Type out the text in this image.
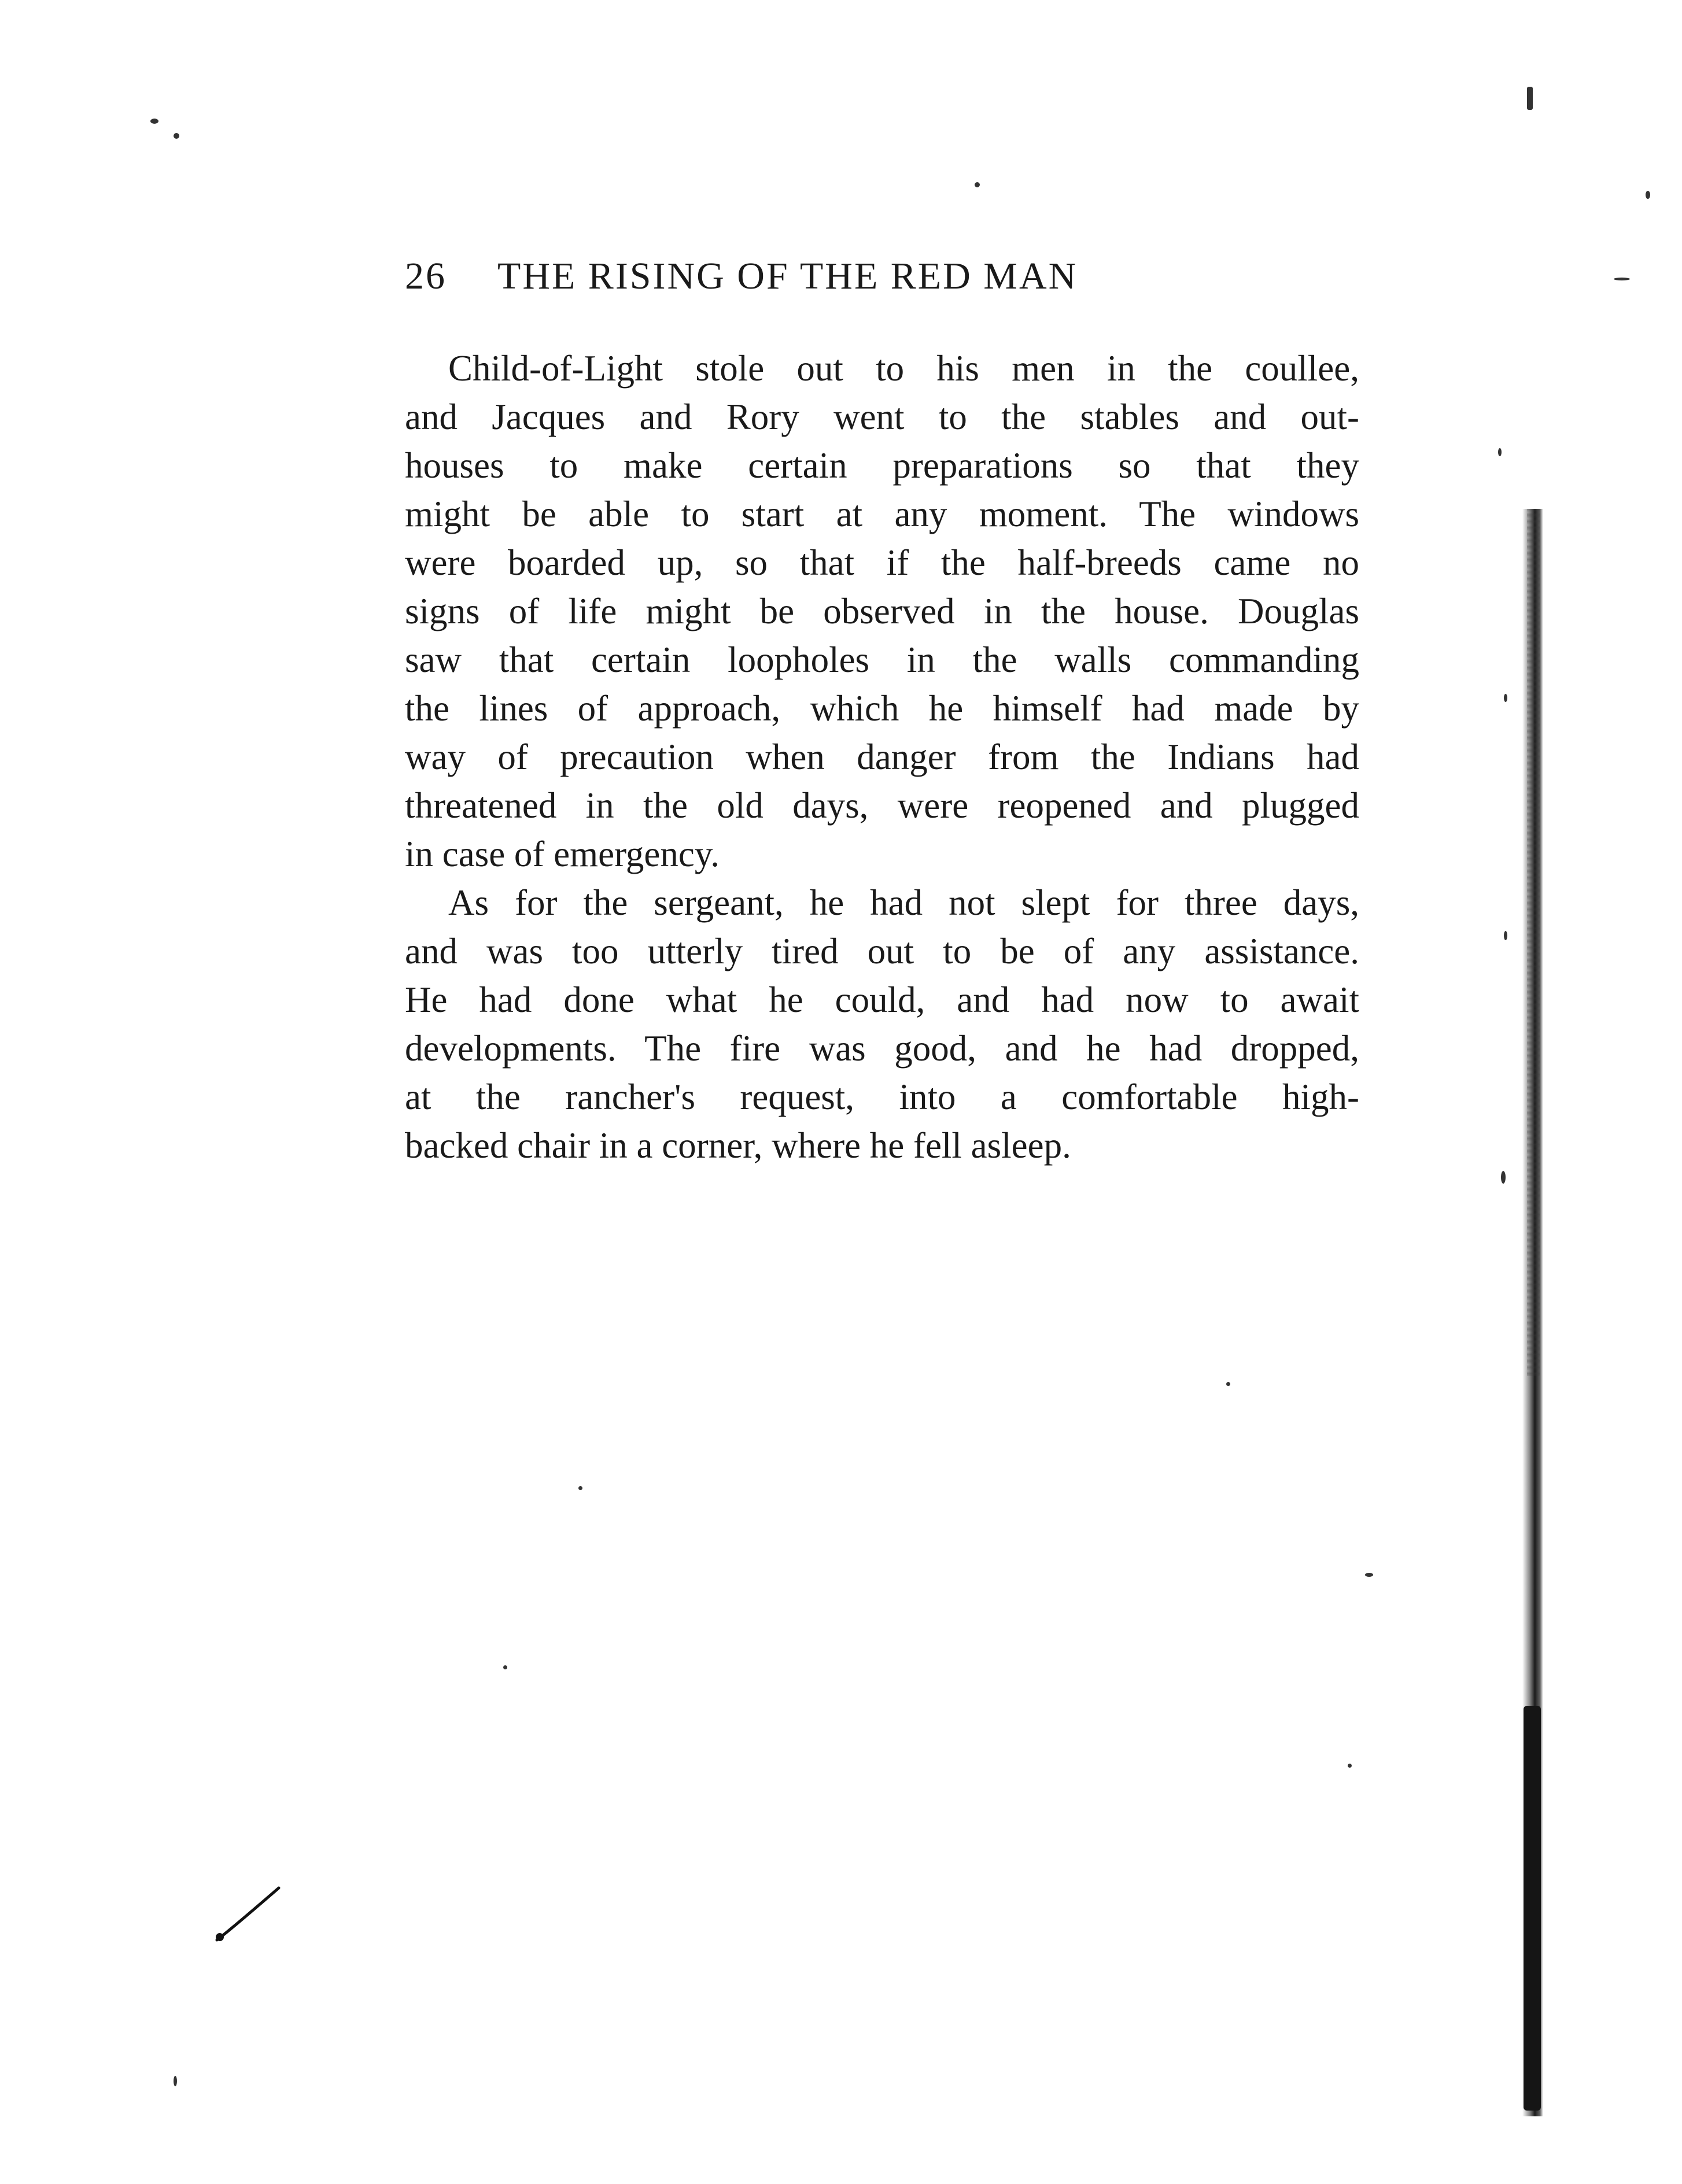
26 THE RISING OF THE RED MAN

Child-of-Light stole out to his men in the coullee,
and Jacques and Rory went to the stables and out-
houses to make certain preparations so that they
might be able to start at any moment. The windows
were boarded up, so that if the half-breeds came no
signs of life might be observed in the house. Douglas
saw that certain loopholes in the walls commanding
the lines of approach, which he himself had made by
way of precaution when danger from the Indians had
threatened in the old days, were reopened and plugged
in case of emergency.

As for the sergeant, he had not slept for three days,
and was too utterly tired out to be of any assistance.
He had done what he could, and had now to await
developments. The fire was good, and he had dropped,
at the rancher's request, into a comfortable high-
backed chair in a corner, where he fell asleep.
